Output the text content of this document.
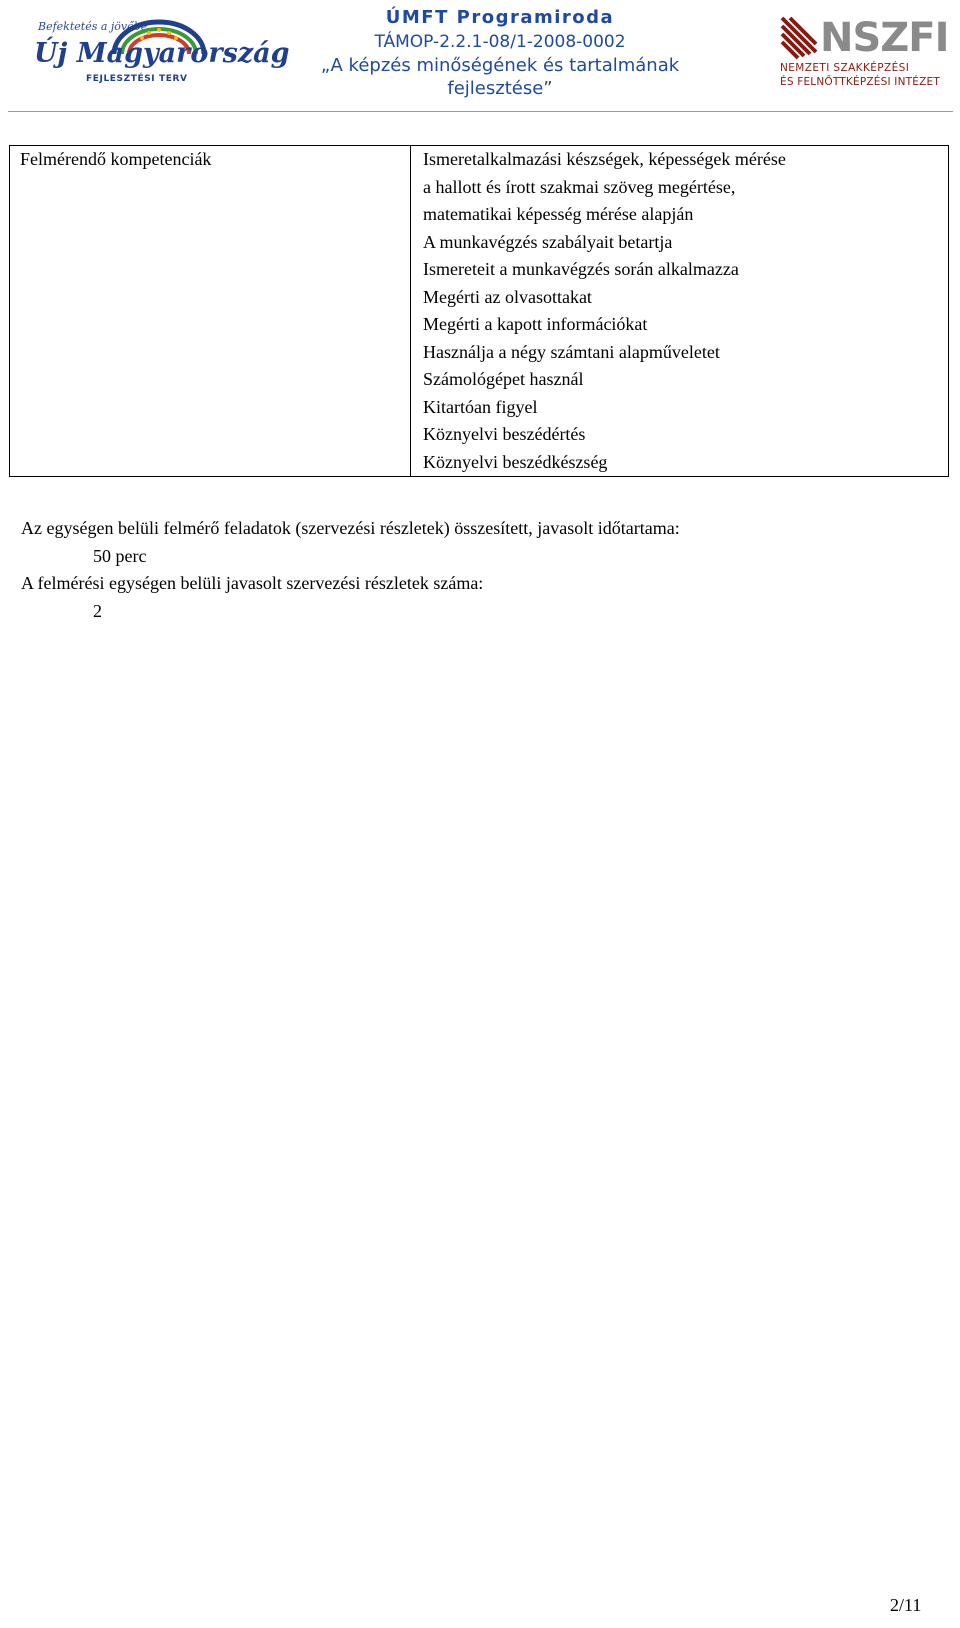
Befektetés a jövőbe
Új Magyarország
FEJLESZTÉSI TERV
ÚMFT Programiroda
TÁMOP-2.2.1-08/1-2008-0002
„A képzés minőségének és tartalmának
fejlesztése”
NSZFI
NEMZETI SZAKKÉPZÉSI
ÉS FELNŐTTKÉPZÉSI INTÉZET
Felmérendő kompetenciák	Ismeretalkalmazási készségek, képességek mérése
a hallott és írott szakmai szöveg megértése,
matematikai képesség mérése alapján
A munkavégzés szabályait betartja
Ismereteit a munkavégzés során alkalmazza
Megérti az olvasottakat
Megérti a kapott információkat
Használja a négy számtani alapműveletet
Számológépet használ
Kitartóan figyel
Köznyelvi beszédértés
Köznyelvi beszédkészség
Az egységen belüli felmérő feladatok (szervezési részletek) összesített, javasolt időtartama:
50 perc
A felmérési egységen belüli javasolt szervezési részletek száma:
2
2/11
